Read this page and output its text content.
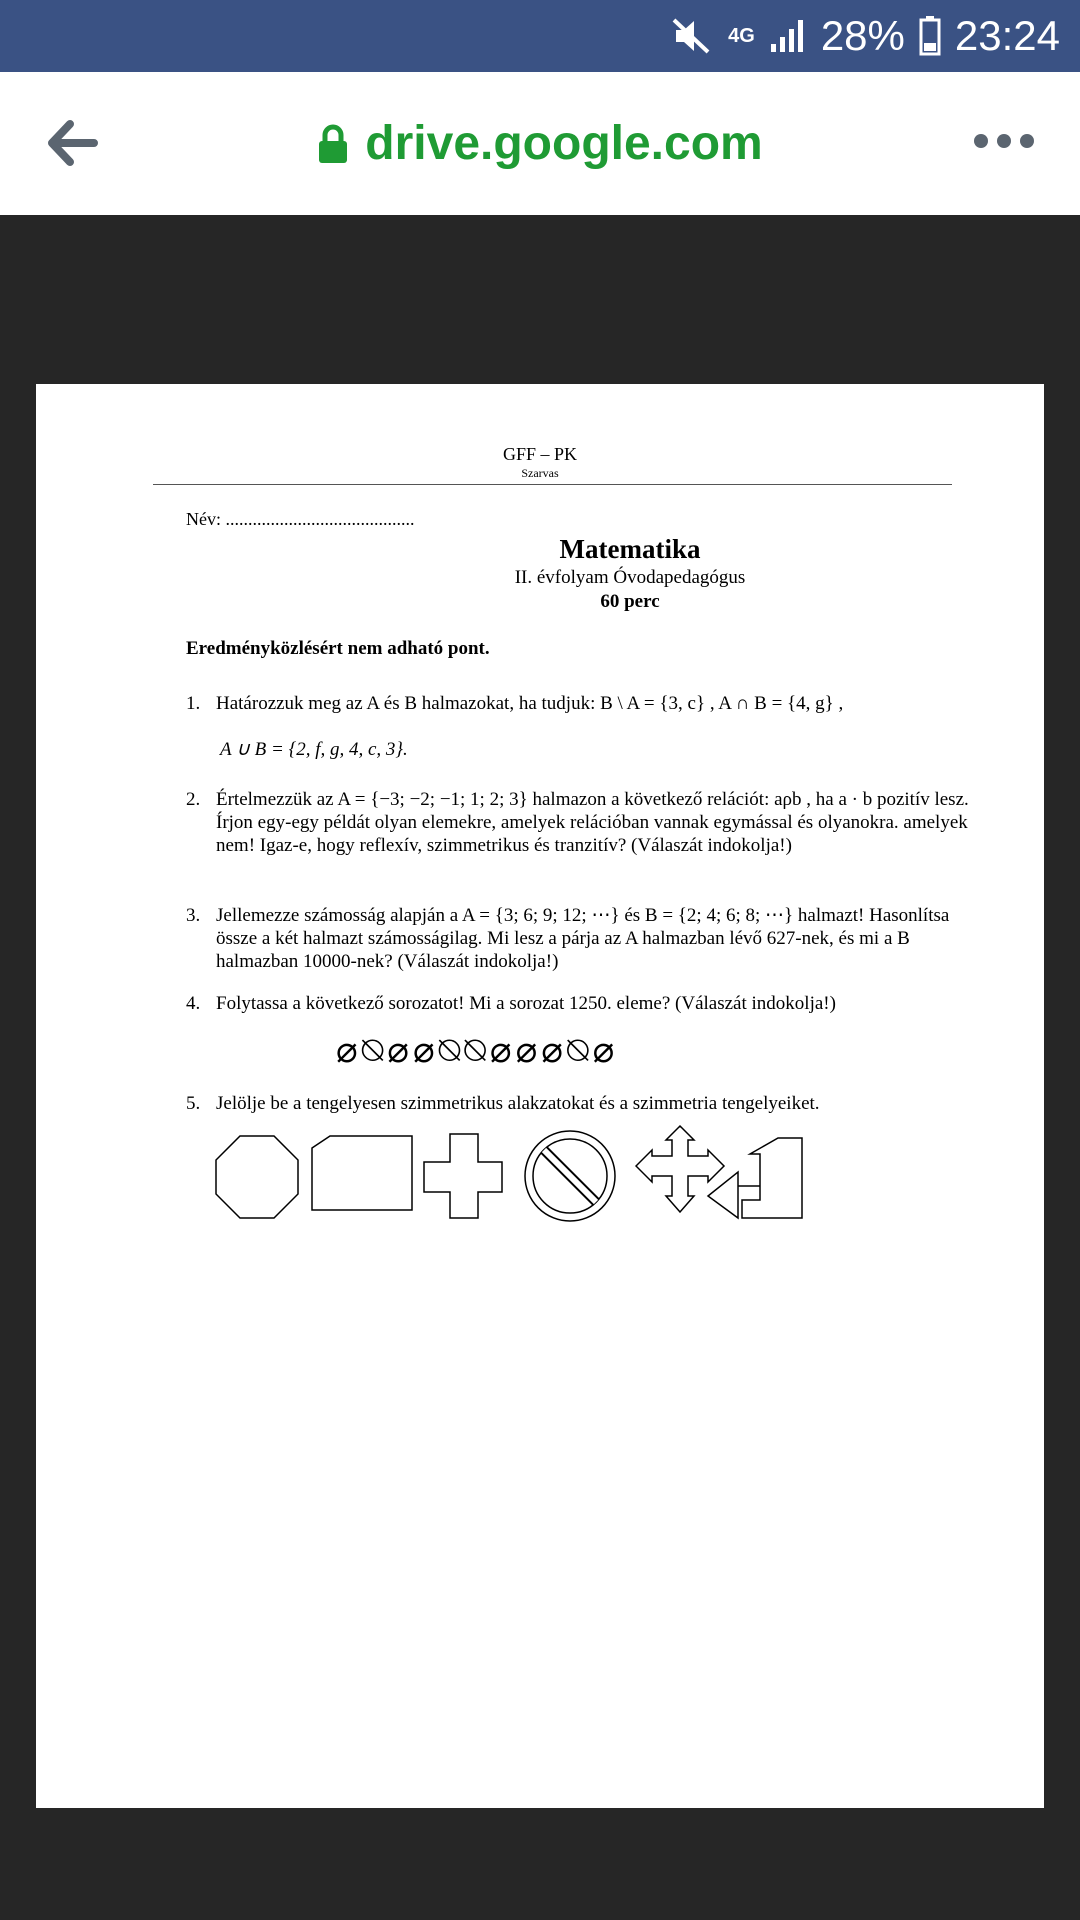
4G 28% 23:24
drive.google.com
GFF – PK
Szarvas
Név: ..........................................
Matematika
II. évfolyam Óvodapedagógus
60 perc
Eredményközlésért nem adható pont.
1. Határozzuk meg az A és B halmazokat, ha tudjuk: B \ A = {3, c} , A ∩ B = {4, g} ,
A ∪ B = {2, f, g, 4, c, 3}.
2. Értelmezzük az A = {−3; −2; −1; 1; 2; 3} halmazon a következő relációt: aρb , ha a · b pozitív lesz. Írjon egy-egy példát olyan elemekre, amelyek relációban vannak egymással és olyanokra. amelyek nem! Igaz-e, hogy reflexív, szimmetrikus és tranzitív? (Válaszát indokolja!)
3. Jellemezze számosság alapján a A = {3; 6; 9; 12; ⋯} és B = {2; 4; 6; 8; ⋯} halmazt! Hasonlítsa össze a két halmazt számosságilag. Mi lesz a párja az A halmazban lévő 627-nek, és mi a B halmazban 10000-nek? (Válaszát indokolja!)
4. Folytassa a következő sorozatot! Mi a sorozat 1250. eleme? (Válaszát indokolja!)
⌀ ⍉ ⌀ ⌀ ⍉ ⍉ ⌀ ⌀ ⌀ ⍉ ⌀
5. Jelölje be a tengelyesen szimmetrikus alakzatokat és a szimmetria tengelyeiket.
